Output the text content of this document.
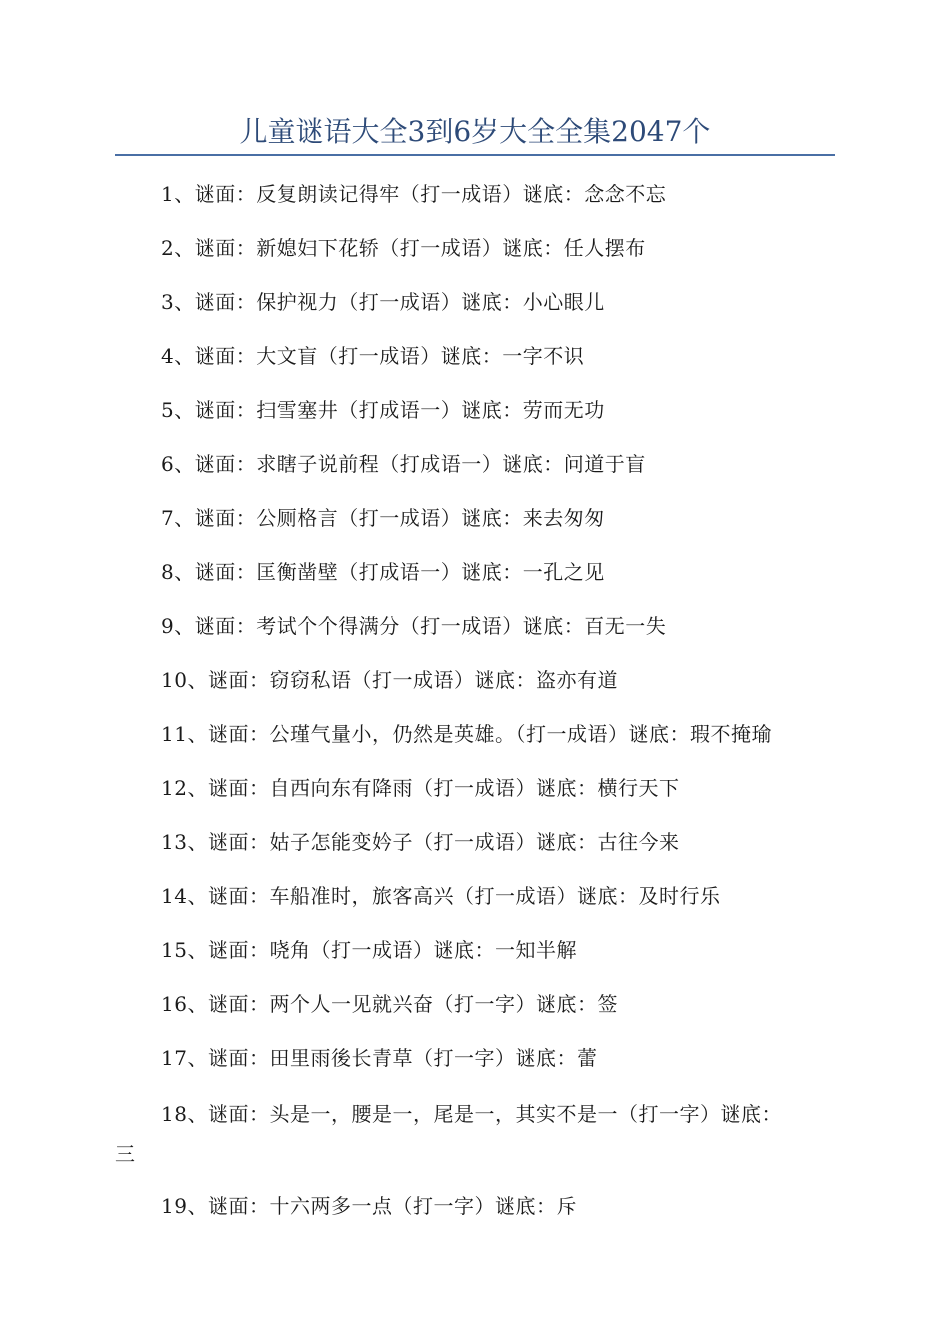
儿童谜语大全3到6岁大全全集2047个
1、谜面：反复朗读记得牢（打一成语）谜底：念念不忘
2、谜面：新媳妇下花轿（打一成语）谜底：任人摆布
3、谜面：保护视力（打一成语）谜底：小心眼儿
4、谜面：大文盲（打一成语）谜底：一字不识
5、谜面：扫雪塞井（打成语一）谜底：劳而无功
6、谜面：求瞎子说前程（打成语一）谜底：问道于盲
7、谜面：公厕格言（打一成语）谜底：来去匆匆
8、谜面：匡衡凿壁（打成语一）谜底：一孔之见
9、谜面：考试个个得满分（打一成语）谜底：百无一失
10、谜面：窃窃私语（打一成语）谜底：盗亦有道
11、谜面：公瑾气量小，仍然是英雄。（打一成语）谜底：瑕不掩瑜
12、谜面：自西向东有降雨（打一成语）谜底：横行天下
13、谜面：姑子怎能变妗子（打一成语）谜底：古往今来
14、谜面：车船准时，旅客高兴（打一成语）谜底：及时行乐
15、谜面：哓角（打一成语）谜底：一知半解
16、谜面：两个人一见就兴奋（打一字）谜底：签
17、谜面：田里雨後长青草（打一字）谜底：蕾
18、谜面：头是一，腰是一，尾是一，其实不是一（打一字）谜底：
三
19、谜面：十六两多一点（打一字）谜底：斥
